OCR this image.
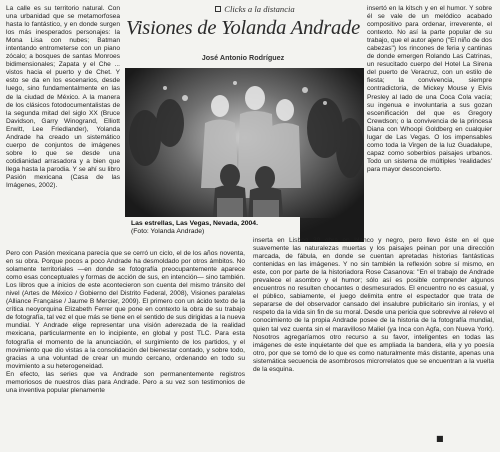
La calle es su territorio natural. Con una urbanidad que se metamorfosea hasta lo fantástico, y en donde surgen los más inesperados personajes: la Mona Lisa con nubes; Batman intentando entrometerse con un piano zócalo; a bosques de santas Monroes bidimensionales; Zapata y el Che ... vistos hacia el puerto y de Chet. Y esto se da en los escenarios, desde luego, sino fundamentalmente en las de la ciudad de México. A la manera de los clásicos fotodocumentalistas de la segunda mitad del siglo XX (Bruce Davidson, Garry Winogrand, Elliott Erwitt, Lee Friedlander), Yolanda Andrade ha creado un sistemático cuerpo de conjuntos de imágenes sobre lo que se desde una cotidianidad arrasadora y a bien que llega hasta la parodia. Y se ahí su libro Pasión mexicana (Casa de las Imágenes, 2002).

Clicks a la distancia
Visiones de Yolanda Andrade
José Antonio Rodríguez
Las estrellas, Las Vegas, Nevada, 2004.
(Foto: Yolanda Andrade)

insertó en la kitsch y en el humor. Y sobre él se vale de un melódico acabado compositivo para ordenar, irreverente, el contexto. No así la parte popular de su trabajo, que el autor ajeno ("El niño de dos cabezas") los rincones de feria y cantinas de donde emergen Rolando Las Catrinas, un resucitado cuerpo del Hotel La Sirena del puerto de Veracruz, con un estilo de fiesta; la convivencia, siempre contradictoria, de Mickey Mouse y Elvis Presley al lado de una Coca Cola vacía; su ingenua e involuntaria a sus gozan escenificación del que es Gregory Crewdson; o la convivencia de la princesa Diana con Whoopi Goldberg en cualquier lugar de Las Vegas. O los impensables como toda la Virgen de la luz Guadalupe, capaz como soberbios paisajes urbanos. Todo un sistema de múltiples 'realidades' para mayor desconcierto.

Pero con Pasión mexicana parecía que se cerró un ciclo, el de los años noventa, en su obra. Porque pocos a poco Andrade ha desmoldado por otros ámbitos. No solamente territoriales —en donde se fotografía preocupantemente aparece como esas conceptuales y formas de acción de sus, en intención— sino también. Los libros que a inicios de este acontecieron son cuenta del mismo tránsito del nivel (Artes de México / Gobierno del Distrito Federal, 2008), Visiones paralelas (Alliance Française / Jaume B Mercier, 2009). El primero con un ácido texto de la crítica neoyorquina Elizabeth Ferrer que pone en contexto la obra de su trabajo de fotografía, tal vez el que más se tiene en el sentido de sus dirigidas a la nueva mundial. Y Andrade elige representar una visión aderezada de la realidad mexicana, particularmente en lo incipiente, en global y post TLC. Para esta fotografía el momento de la anunciación, el surgimiento de los partidos, y el movimiento que dio vistas a la consolidación del bienestar contado, y sobre todo, gracias a una voluntad de crear un mundo cercano, ordenando en todo su movimiento a su heterogeneidad.
En efecto, las series que va Andrade son permanentemente registros memoriosos de nuestros días para Andrade. Pero a su vez son testimonios de una inventiva popular plenamente

inserta en Lisboa 30 obra en blanco y negro, pero llevo éste en el que suavemente las naturalezas muertas y los paisajes peinan por una dirección marcada, de fábula, en donde se cuentan apretadas historias fantásticas contenidas en las imágenes. Y no sin también la reflexión sobre sí mismo, en este, con por parte de la historiadora Rose Casanova: "En el trabajo de Andrade prevalece el asombro y el humor; sólo así es posible comprender algunos encuentros no resulten chocantes o desmesurados. El encuentro no es casual, y el público, sabiamente, el juego delimita entre el espectador que trata de separarse de del observador cansado del insalubre publicitario sin ironías, y el respeto da la vida sin fin de su moral. Desde una pericia que sobrevive al relevo el conocimiento de la propia Andrade posee de la historia de la fotografía mundial, quien tal vez cuenta sin el maravilloso Maliel (ya Inca con Agfa, con Nueva York). Nosotros agregaríamos otro recurso a su favor, inteligentes en todas las imágenes de este inquietante del que es ampliada la bandera, ella y yo poesía otro, por que se tomó de lo que es como naturalmente más distante, apenas una sistemática secuencia de asombrosos microrrelatos que se encuentran a la vuelta de la esquina.

■
